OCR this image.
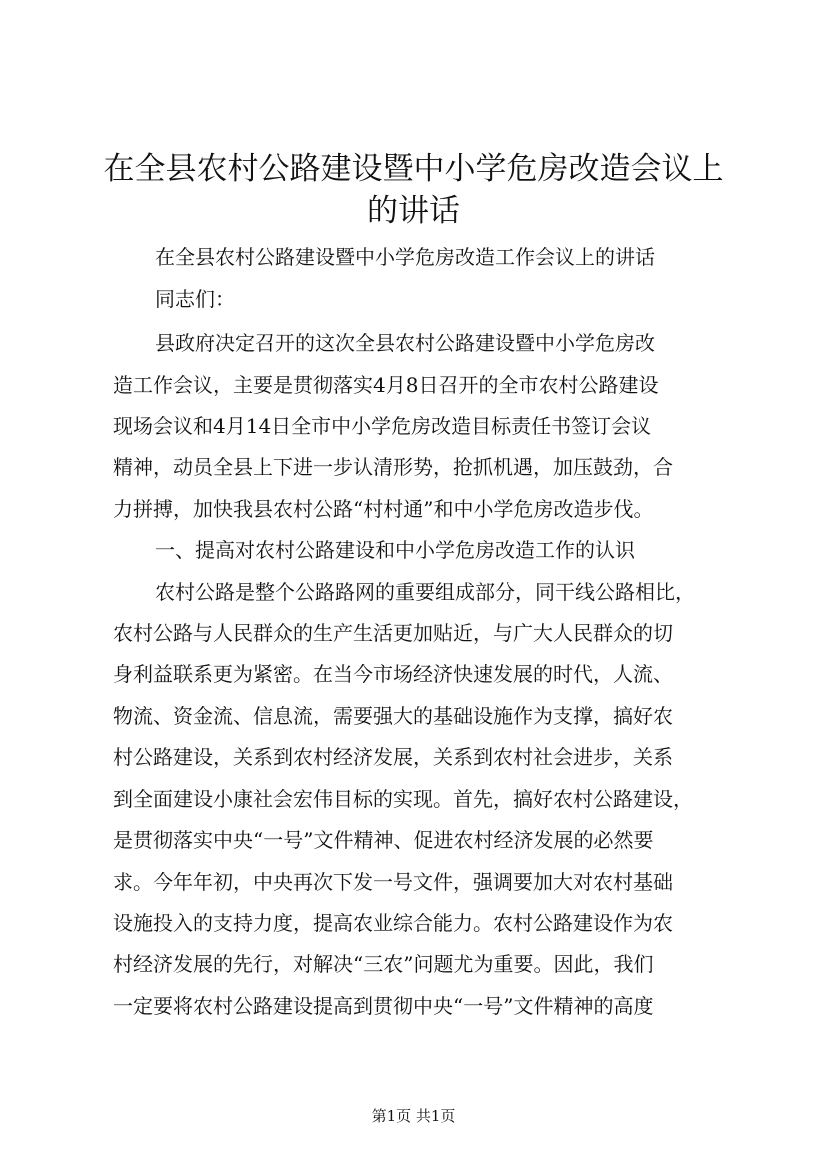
在全县农村公路建设暨中小学危房改造会议上
的讲话
在全县农村公路建设暨中小学危房改造工作会议上的讲话
同志们：
县政府决定召开的这次全县农村公路建设暨中小学危房改
造工作会议，主要是贯彻落实4月8日召开的全市农村公路建设
现场会议和4月14日全市中小学危房改造目标责任书签订会议
精神，动员全县上下进一步认清形势，抢抓机遇，加压鼓劲，合
力拼搏，加快我县农村公路“村村通”和中小学危房改造步伐。
一、提高对农村公路建设和中小学危房改造工作的认识
农村公路是整个公路路网的重要组成部分，同干线公路相比，
农村公路与人民群众的生产生活更加贴近，与广大人民群众的切
身利益联系更为紧密。在当今市场经济快速发展的时代，人流、
物流、资金流、信息流，需要强大的基础设施作为支撑，搞好农
村公路建设，关系到农村经济发展，关系到农村社会进步，关系
到全面建设小康社会宏伟目标的实现。首先，搞好农村公路建设，
是贯彻落实中央“一号”文件精神、促进农村经济发展的必然要
求。今年年初，中央再次下发一号文件，强调要加大对农村基础
设施投入的支持力度，提高农业综合能力。农村公路建设作为农
村经济发展的先行，对解决“三农”问题尤为重要。因此，我们
一定要将农村公路建设提高到贯彻中央“一号”文件精神的高度
第1页 共1页
